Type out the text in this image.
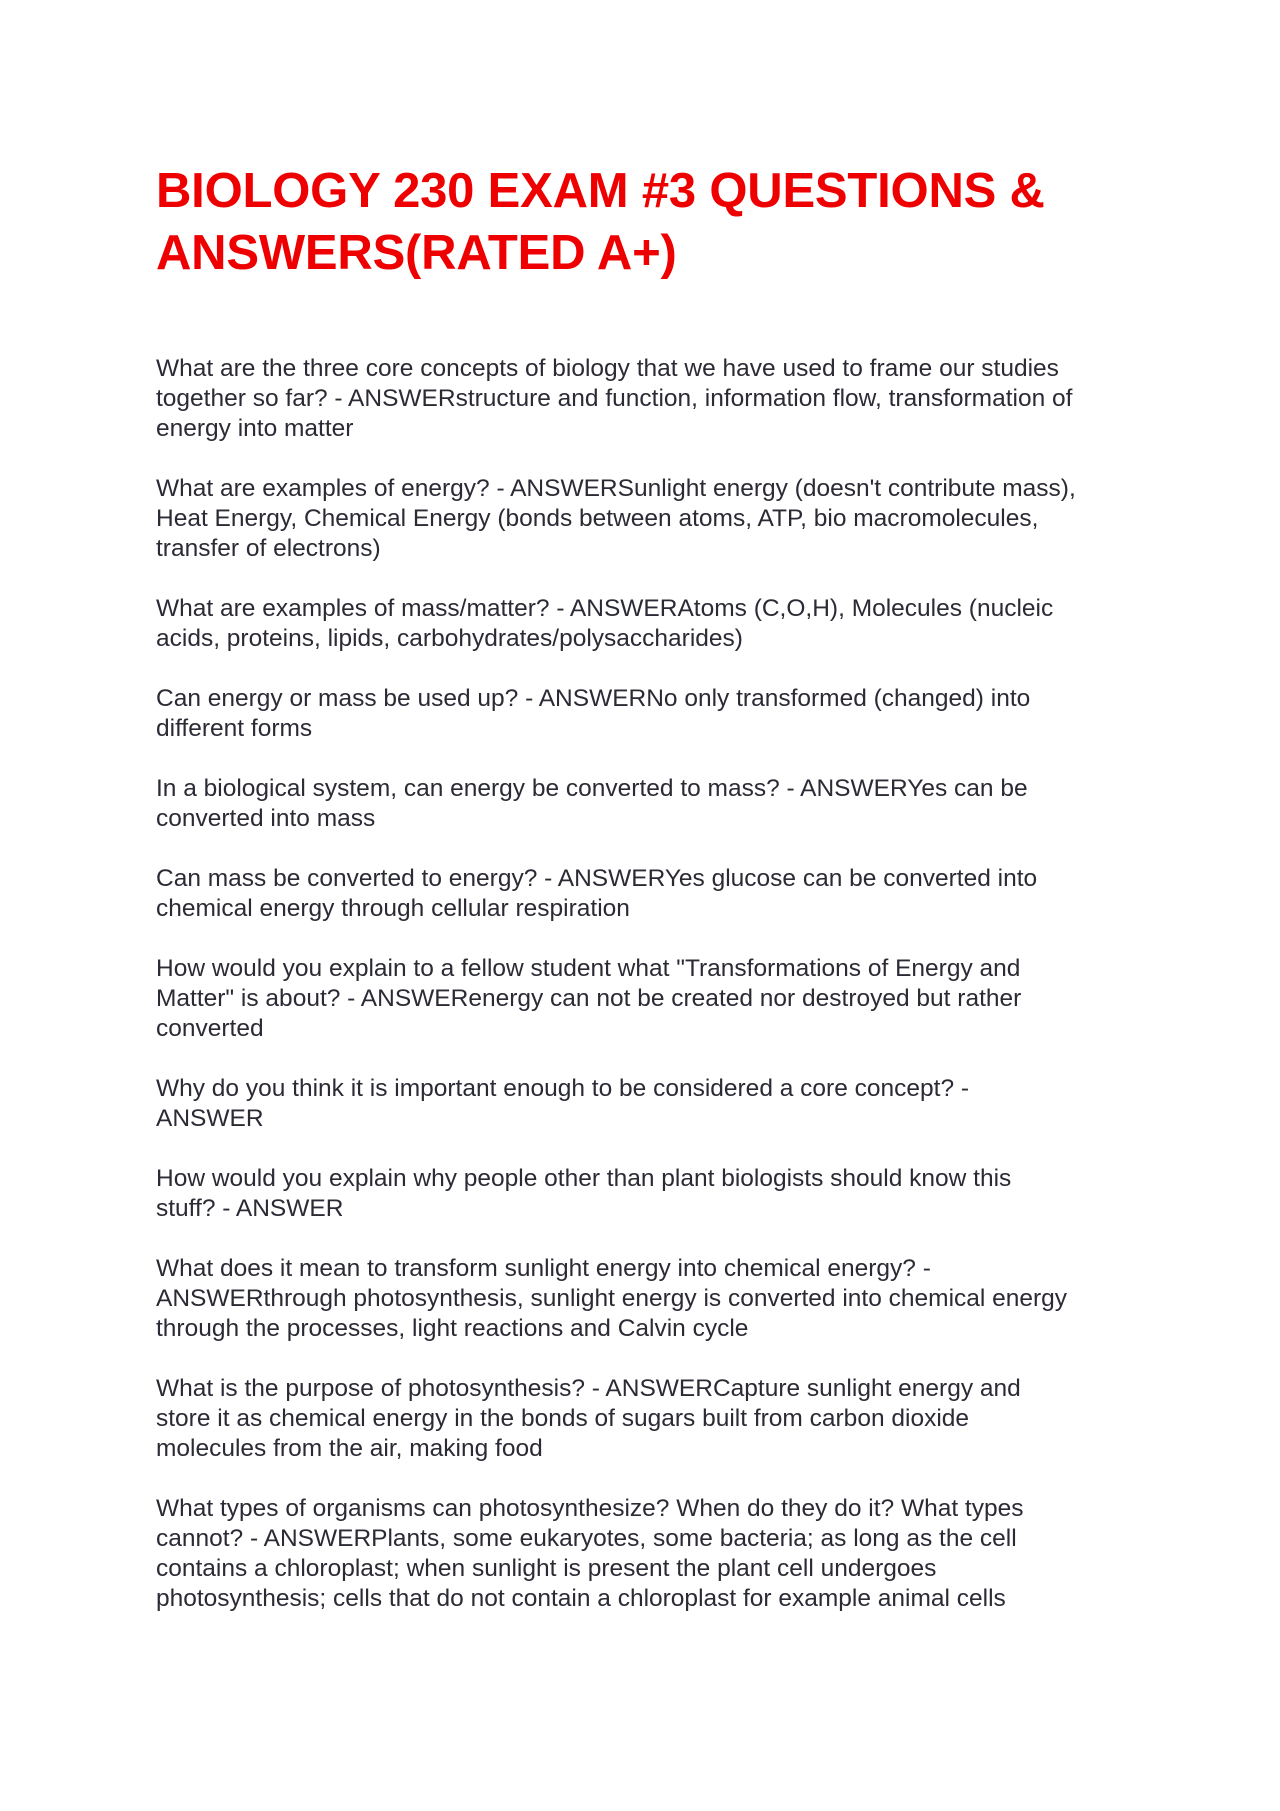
BIOLOGY 230 EXAM #3 QUESTIONS & ANSWERS(RATED A+)

What are the three core concepts of biology that we have used to frame our studies
together so far? - ANSWERstructure and function, information flow, transformation of
energy into matter

What are examples of energy? - ANSWERSunlight energy (doesn't contribute mass),
Heat Energy, Chemical Energy (bonds between atoms, ATP, bio macromolecules,
transfer of electrons)

What are examples of mass/matter? - ANSWERAtoms (C,O,H), Molecules (nucleic
acids, proteins, lipids, carbohydrates/polysaccharides)

Can energy or mass be used up? - ANSWERNo only transformed (changed) into
different forms

In a biological system, can energy be converted to mass? - ANSWERYes can be
converted into mass

Can mass be converted to energy? - ANSWERYes glucose can be converted into
chemical energy through cellular respiration

How would you explain to a fellow student what "Transformations of Energy and
Matter" is about? - ANSWERenergy can not be created nor destroyed but rather
converted

Why do you think it is important enough to be considered a core concept? -
ANSWER

How would you explain why people other than plant biologists should know this
stuff? - ANSWER

What does it mean to transform sunlight energy into chemical energy? -
ANSWERthrough photosynthesis, sunlight energy is converted into chemical energy
through the processes, light reactions and Calvin cycle

What is the purpose of photosynthesis? - ANSWERCapture sunlight energy and
store it as chemical energy in the bonds of sugars built from carbon dioxide
molecules from the air, making food

What types of organisms can photosynthesize? When do they do it? What types
cannot? - ANSWERPlants, some eukaryotes, some bacteria; as long as the cell
contains a chloroplast; when sunlight is present the plant cell undergoes
photosynthesis; cells that do not contain a chloroplast for example animal cells
